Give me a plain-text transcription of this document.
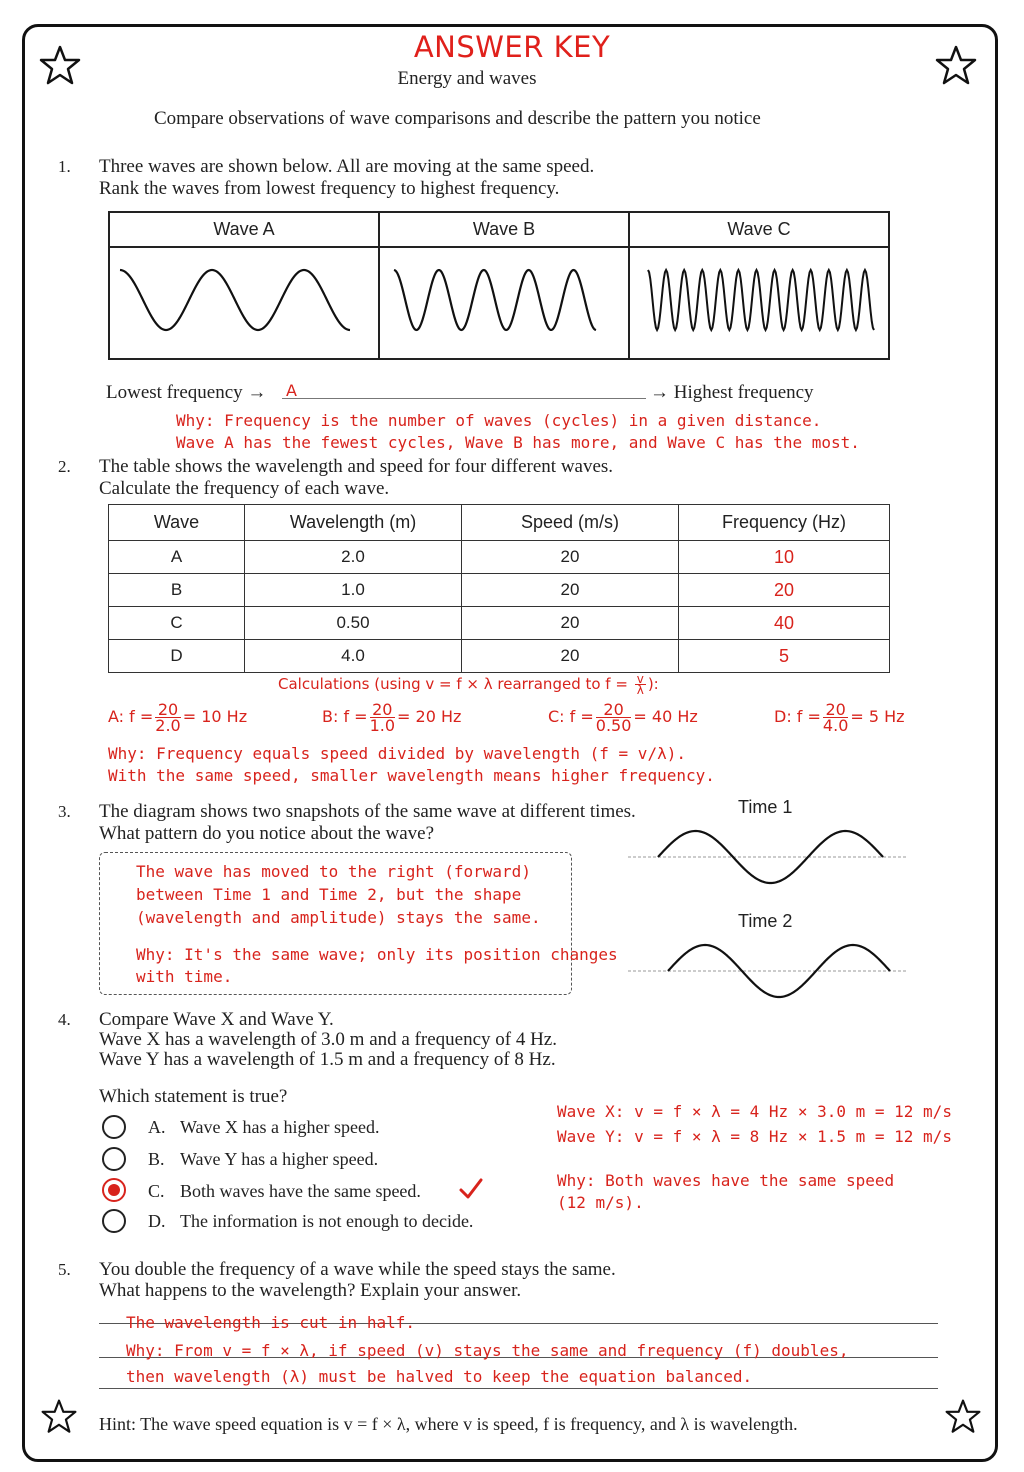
ANSWER KEY
Energy and waves
Compare observations of wave comparisons and describe the pattern you notice
1. Three waves are shown below. All are moving at the same speed.
Rank the waves from lowest frequency to highest frequency.
Wave A	Wave B	Wave C

Lowest frequency → A	→ Highest frequency
Why: Frequency is the number of waves (cycles) in a given distance.
Wave A has the fewest cycles, Wave B has more, and Wave C has the most.
2. The table shows the wavelength and speed for four different waves.
Calculate the frequency of each wave.
Wave	Wavelength (m)	Speed (m/s)	Frequency (Hz)
A	2.0	20	10
B	1.0	20	20
C	0.50	20	40
D	4.0	20	5
Calculations (using v = f × λ rearranged to $f = \frac{v}{\lambda}$ ):
A: $f = \frac{20}{2.0} = 10$ Hz	B: $f = \frac{20}{1.0} = 20$ Hz	C: $f = \frac{20}{0.50} = 40$ Hz	D: $f = \frac{20}{4.0} = 5$ Hz
Why: Frequency equals speed divided by wavelength (f = v/λ).
With the same speed, smaller wavelength means higher frequency.
3. The diagram shows two snapshots of the same wave at different times.
What pattern do you notice about the wave?
The wave has moved to the right (forward)
between Time 1 and Time 2, but the shape
(wavelength and amplitude) stays the same.
Why: It's the same wave; only its position changes
with time.
Time 1
Time 2
4. Compare Wave X and Wave Y.
Wave X has a wavelength of 3.0 m and a frequency of 4 Hz.
Wave Y has a wavelength of 1.5 m and a frequency of 8 Hz.
Which statement is true?
A. Wave X has a higher speed.
B. Wave Y has a higher speed.
C. Both waves have the same speed.
D. The information is not enough to decide.
Wave X: v = f × λ = 4 Hz × 3.0 m = 12 m/s
Wave Y: v = f × λ = 8 Hz × 1.5 m = 12 m/s
Why: Both waves have the same speed
(12 m/s).
5. You double the frequency of a wave while the speed stays the same.
What happens to the wavelength? Explain your answer.
The wavelength is cut in half.
Why: From v = f × λ, if speed (v) stays the same and frequency (f) doubles,
then wavelength (λ) must be halved to keep the equation balanced.
Hint: The wave speed equation is v = f × λ, where v is speed, f is frequency, and λ is wavelength.
